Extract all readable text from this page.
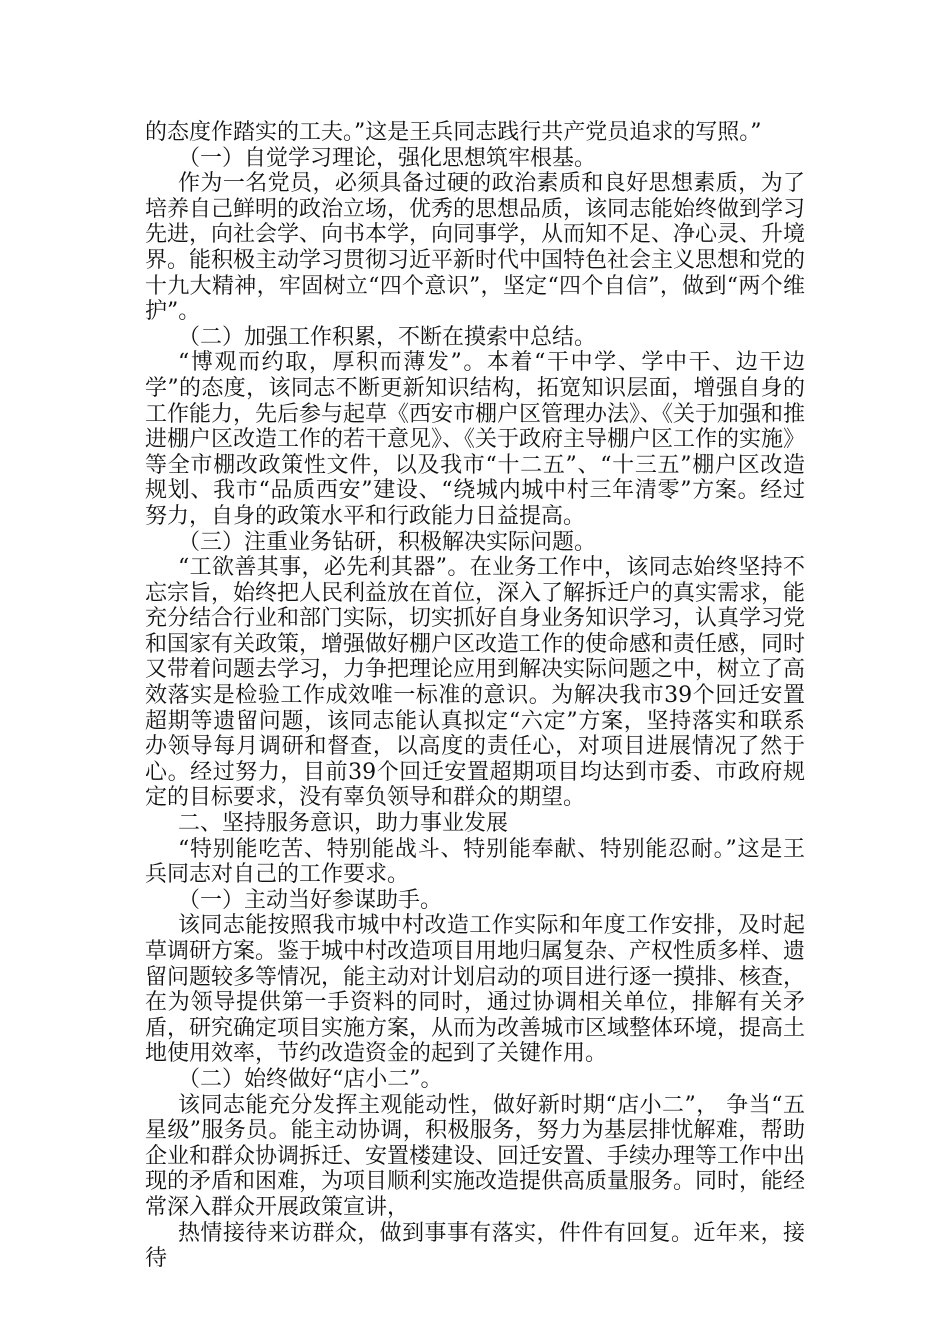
的态度作踏实的工夫。”这是王兵同志践行共产党员追求的写照。”

（一）自觉学习理论，强化思想筑牢根基。

作为一名党员，必须具备过硬的政治素质和良好思想素质，为了培养自己鲜明的政治立场，优秀的思想品质，该同志能始终做到学习先进，向社会学、向书本学，向同事学，从而知不足、净心灵、升境界。能积极主动学习贯彻习近平新时代中国特色社会主义思想和党的十九大精神，牢固树立“四个意识”，坚定“四个自信”，做到“两个维护”。

（二）加强工作积累，不断在摸索中总结。

“博观而约取，厚积而薄发”。本着“干中学、学中干、边干边学”的态度，该同志不断更新知识结构，拓宽知识层面，增强自身的工作能力，先后参与起草《西安市棚户区管理办法》、《关于加强和推进棚户区改造工作的若干意见》、《关于政府主导棚户区工作的实施》等全市棚改政策性文件，以及我市“十二五”、“十三五”棚户区改造规划、我市“品质西安”建设、“绕城内城中村三年清零”方案。经过努力，自身的政策水平和行政能力日益提高。

（三）注重业务钻研，积极解决实际问题。

“工欲善其事，必先利其器”。在业务工作中，该同志始终坚持不忘宗旨，始终把人民利益放在首位，深入了解拆迁户的真实需求，能充分结合行业和部门实际，切实抓好自身业务知识学习，认真学习党和国家有关政策，增强做好棚户区改造工作的使命感和责任感，同时又带着问题去学习，力争把理论应用到解决实际问题之中，树立了高效落实是检验工作成效唯一标准的意识。为解决我市39个回迁安置超期等遗留问题，该同志能认真拟定“六定”方案，坚持落实和联系办领导每月调研和督查，以高度的责任心，对项目进展情况了然于心。经过努力，目前39个回迁安置超期项目均达到市委、市政府规定的目标要求，没有辜负领导和群众的期望。

二、坚持服务意识，助力事业发展

“特别能吃苦、特别能战斗、特别能奉献、特别能忍耐。”这是王兵同志对自己的工作要求。

（一）主动当好参谋助手。

该同志能按照我市城中村改造工作实际和年度工作安排，及时起草调研方案。鉴于城中村改造项目用地归属复杂、产权性质多样、遗留问题较多等情况，能主动对计划启动的项目进行逐一摸排、核查，在为领导提供第一手资料的同时，通过协调相关单位，排解有关矛盾，研究确定项目实施方案，从而为改善城市区域整体环境，提高土地使用效率，节约改造资金的起到了关键作用。

（二）始终做好“店小二”。

该同志能充分发挥主观能动性，做好新时期“店小二”， 争当“五星级”服务员。能主动协调，积极服务，努力为基层排忧解难，帮助企业和群众协调拆迁、安置楼建设、回迁安置、手续办理等工作中出现的矛盾和困难，为项目顺利实施改造提供高质量服务。同时，能经常深入群众开展政策宣讲，

热情接待来访群众，做到事事有落实，件件有回复。近年来，接待
